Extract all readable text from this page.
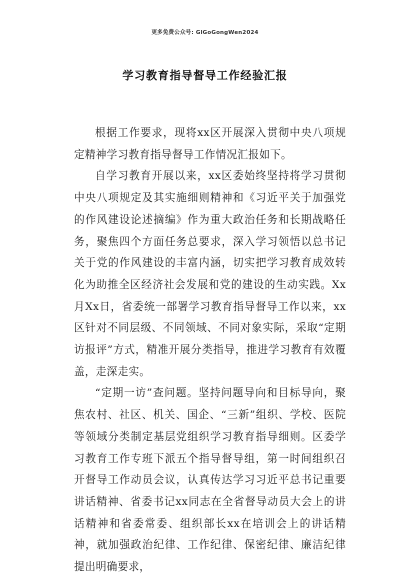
更多免费公众号: GlGoGongWen2024
学习教育指导督导工作经验汇报

根据工作要求，现将xx区开展深入贯彻中央八项规定精神学习教育指导督导工作情况汇报如下。

自学习教育开展以来，xx区委始终坚持将学习贯彻中央八项规定及其实施细则精神和《习近平关于加强党的作风建设论述摘编》作为重大政治任务和长期战略任务，聚焦四个方面任务总要求，深入学习领悟以总书记关于党的作风建设的丰富内涵，切实把学习教育成效转化为助推全区经济社会发展和党的建设的生动实践。Xx月Xx日，省委统一部署学习教育指导督导工作以来，xx区针对不同层级、不同领域、不同对象实际，采取“定期访报评”方式，精准开展分类指导，推进学习教育有效覆盖，走深走实。

“定期一访”查问题。坚持问题导向和目标导向，聚焦农村、社区、机关、国企、“三新”组织、学校、医院等领域分类制定基层党组织学习教育指导细则。区委学习教育工作专班下派五个指导督导组，第一时间组织召开督导工作动员会议，认真传达学习习近平总书记重要讲话精神、省委书记xx同志在全省督导动员大会上的讲话精神和省委常委、组织部长xx在培训会上的讲话精神，就加强政治纪律、工作纪律、保密纪律、廉洁纪律提出明确要求，
